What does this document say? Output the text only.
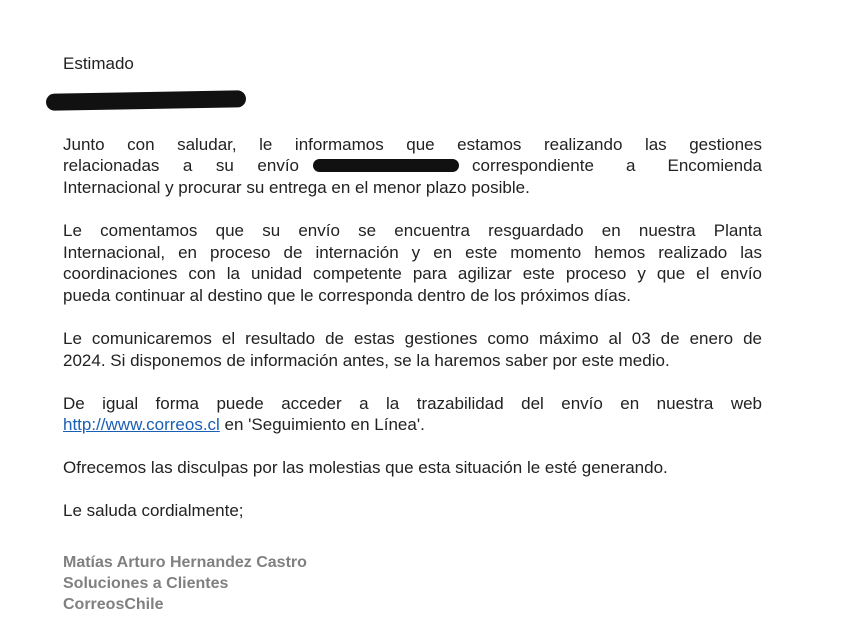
Estimado
Junto con saludar, le informamos que estamos realizando las gestiones
relacionadas a su envío	correspondiente a Encomienda
Internacional y procurar su entrega en el menor plazo posible.
Le comentamos que su envío se encuentra resguardado en nuestra Planta
Internacional, en proceso de internación y en este momento hemos realizado las
coordinaciones con la unidad competente para agilizar este proceso y que el envío
pueda continuar al destino que le corresponda dentro de los próximos días.
Le comunicaremos el resultado de estas gestiones como máximo al 03 de enero de
2024. Si disponemos de información antes, se la haremos saber por este medio.
De igual forma puede acceder a la trazabilidad del envío en nuestra web
http://www.correos.cl en 'Seguimiento en Línea'.
Ofrecemos las disculpas por las molestias que esta situación le esté generando.
Le saluda cordialmente;
Matías Arturo Hernandez Castro
Soluciones a Clientes
CorreosChile
